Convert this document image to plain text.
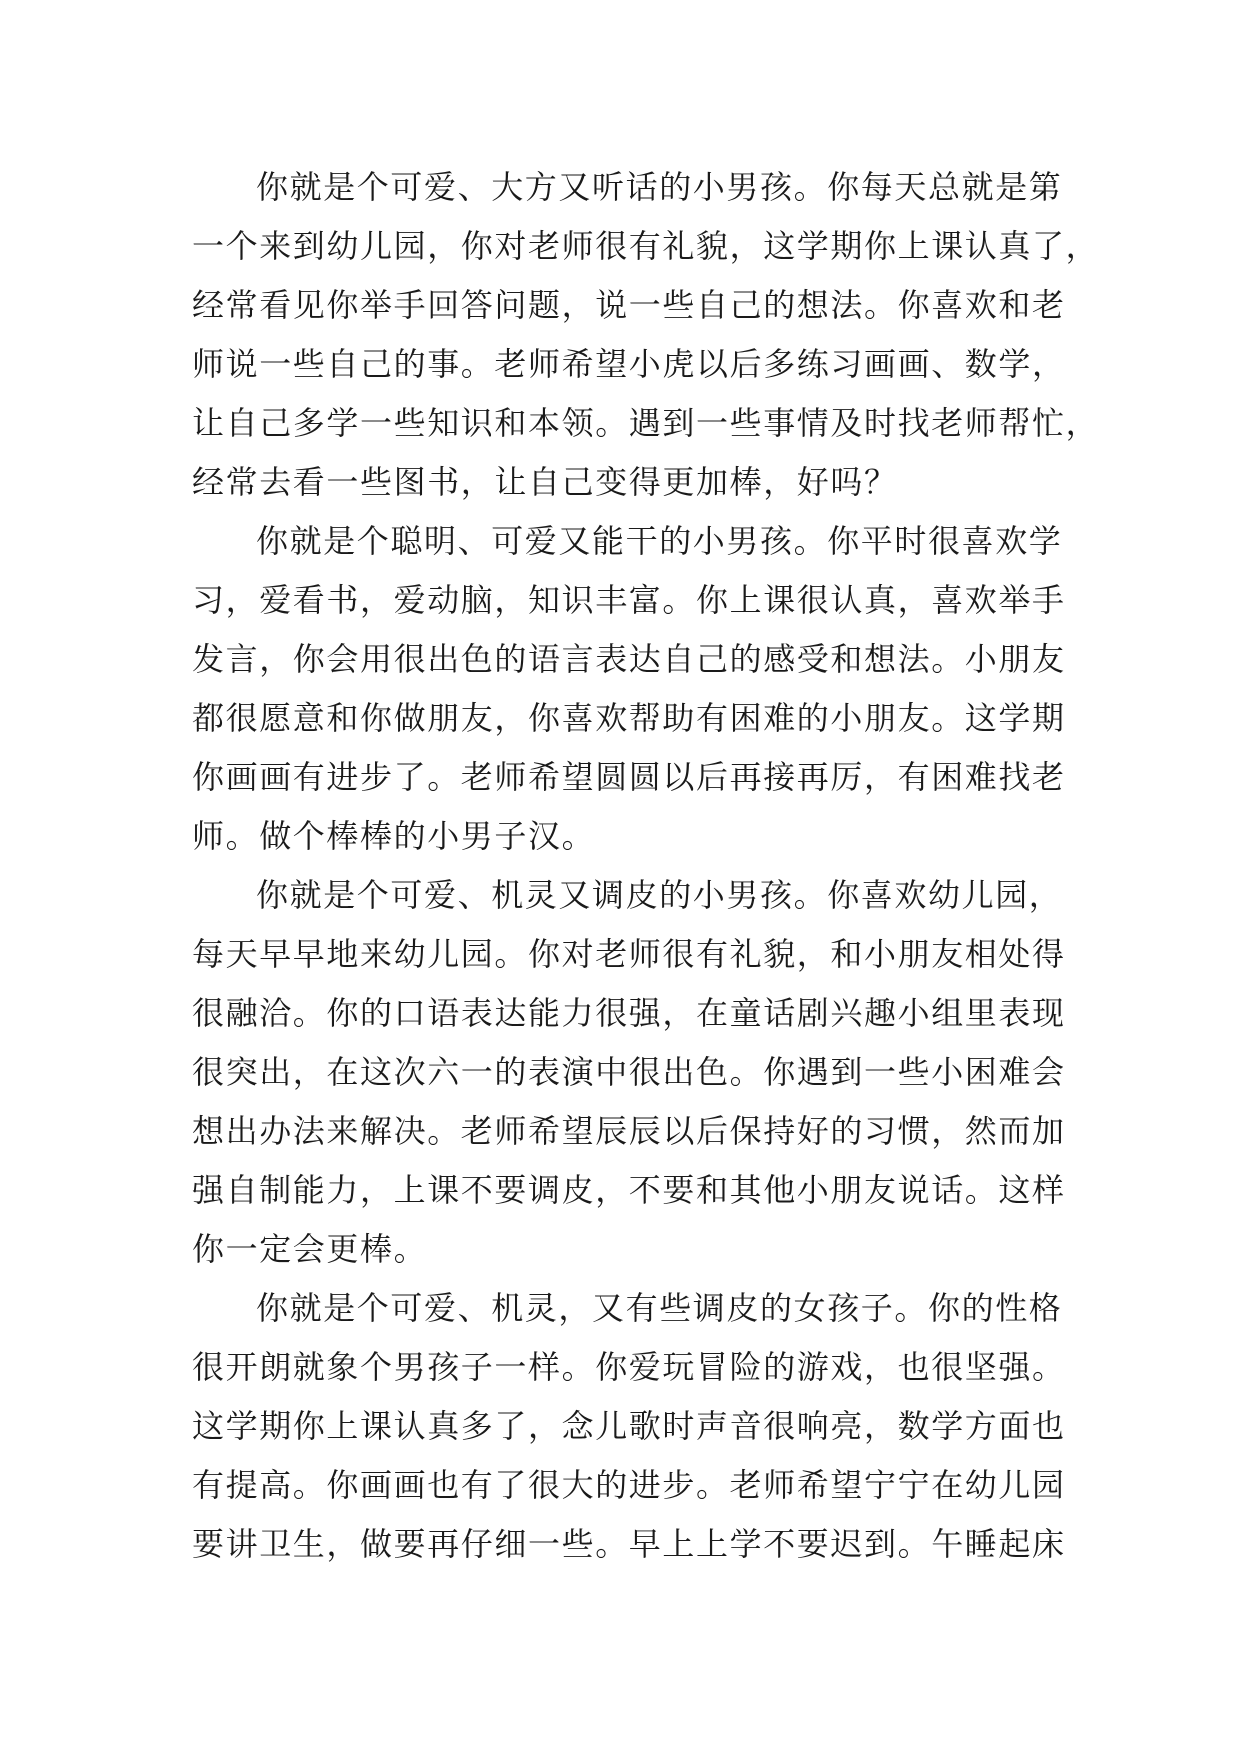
你就是个可爱、大方又听话的小男孩。你每天总就是第
一个来到幼儿园，你对老师很有礼貌，这学期你上课认真了，
经常看见你举手回答问题，说一些自己的想法。你喜欢和老
师说一些自己的事。老师希望小虎以后多练习画画、数学，
让自己多学一些知识和本领。遇到一些事情及时找老师帮忙，
经常去看一些图书，让自己变得更加棒，好吗？
你就是个聪明、可爱又能干的小男孩。你平时很喜欢学
习，爱看书，爱动脑，知识丰富。你上课很认真，喜欢举手
发言，你会用很出色的语言表达自己的感受和想法。小朋友
都很愿意和你做朋友，你喜欢帮助有困难的小朋友。这学期
你画画有进步了。老师希望圆圆以后再接再厉，有困难找老
师。做个棒棒的小男子汉。
你就是个可爱、机灵又调皮的小男孩。你喜欢幼儿园，
每天早早地来幼儿园。你对老师很有礼貌，和小朋友相处得
很融洽。你的口语表达能力很强，在童话剧兴趣小组里表现
很突出，在这次六一的表演中很出色。你遇到一些小困难会
想出办法来解决。老师希望辰辰以后保持好的习惯，然而加
强自制能力，上课不要调皮，不要和其他小朋友说话。这样
你一定会更棒。
你就是个可爱、机灵，又有些调皮的女孩子。你的性格
很开朗就象个男孩子一样。你爱玩冒险的游戏，也很坚强。
这学期你上课认真多了，念儿歌时声音很响亮，数学方面也
有提高。你画画也有了很大的进步。老师希望宁宁在幼儿园
要讲卫生，做要再仔细一些。早上上学不要迟到。午睡起床
